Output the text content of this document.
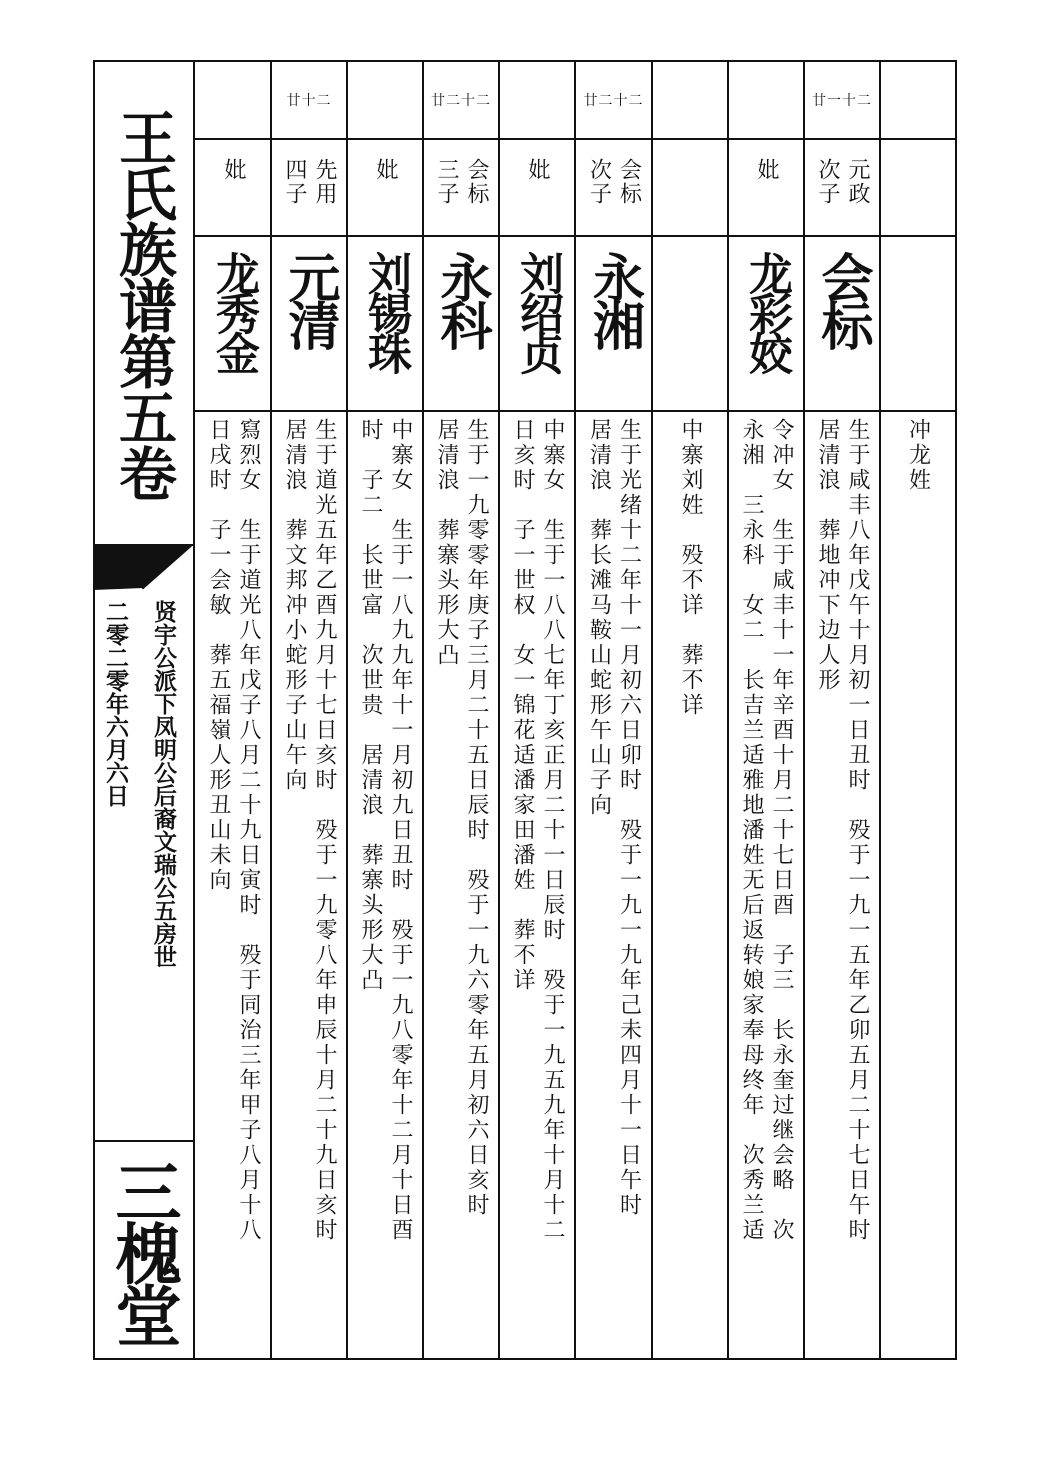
王氏族谱第五卷
贤宇公派下凤明公后裔文瑞公五房世
二零二零年六月六日
三槐堂
冲龙姓
廿一十二
元政
次子
会标
生于咸丰八年戊午十月初一日丑时　殁于一九一五年乙卯五月二十七日午时
居清浪　葬地冲下边人形
妣
龙彩姣
令冲女　生于咸丰十一年辛酉十月二十七日酉　子三　长永奎过继会略　次
永湘　三永科　女二　长吉兰适雅地潘姓无后返转娘家奉母终年　次秀兰适
中寨刘姓　殁不详　葬不详
廿二十二
会标
次子
永湘
生于光绪十二年十一月初六日卯时　殁于一九一九年己未四月十一日午时
居清浪　葬长滩马鞍山蛇形午山子向
妣
刘绍贞
中寨女　生于一八八七年丁亥正月二十一日辰时　殁于一九五九年十月十二
日亥时　子一世权　女一锦花适潘家田潘姓　葬不详
廿二十二
会标
三子
永科
生于一九零零年庚子三月二十五日辰时　殁于一九六零年五月初六日亥时
居清浪　葬寨头形大凸
妣
刘锡珠
中寨女　生于一八九九年十一月初九日丑时　殁于一九八零年十二月十日酉
时　子二　长世富　次世贵　居清浪　葬寨头形大凸
廿十二
先用
四子
元清
生于道光五年乙酉九月十七日亥时　殁于一九零八年申辰十月二十九日亥时
居清浪　葬文邦冲小蛇形子山午向
妣
龙秀金
寫烈女　生于道光八年戊子八月二十九日寅时　殁于同治三年甲子八月十八
日戌时　子一会敏　葬五福嶺人形丑山未向
